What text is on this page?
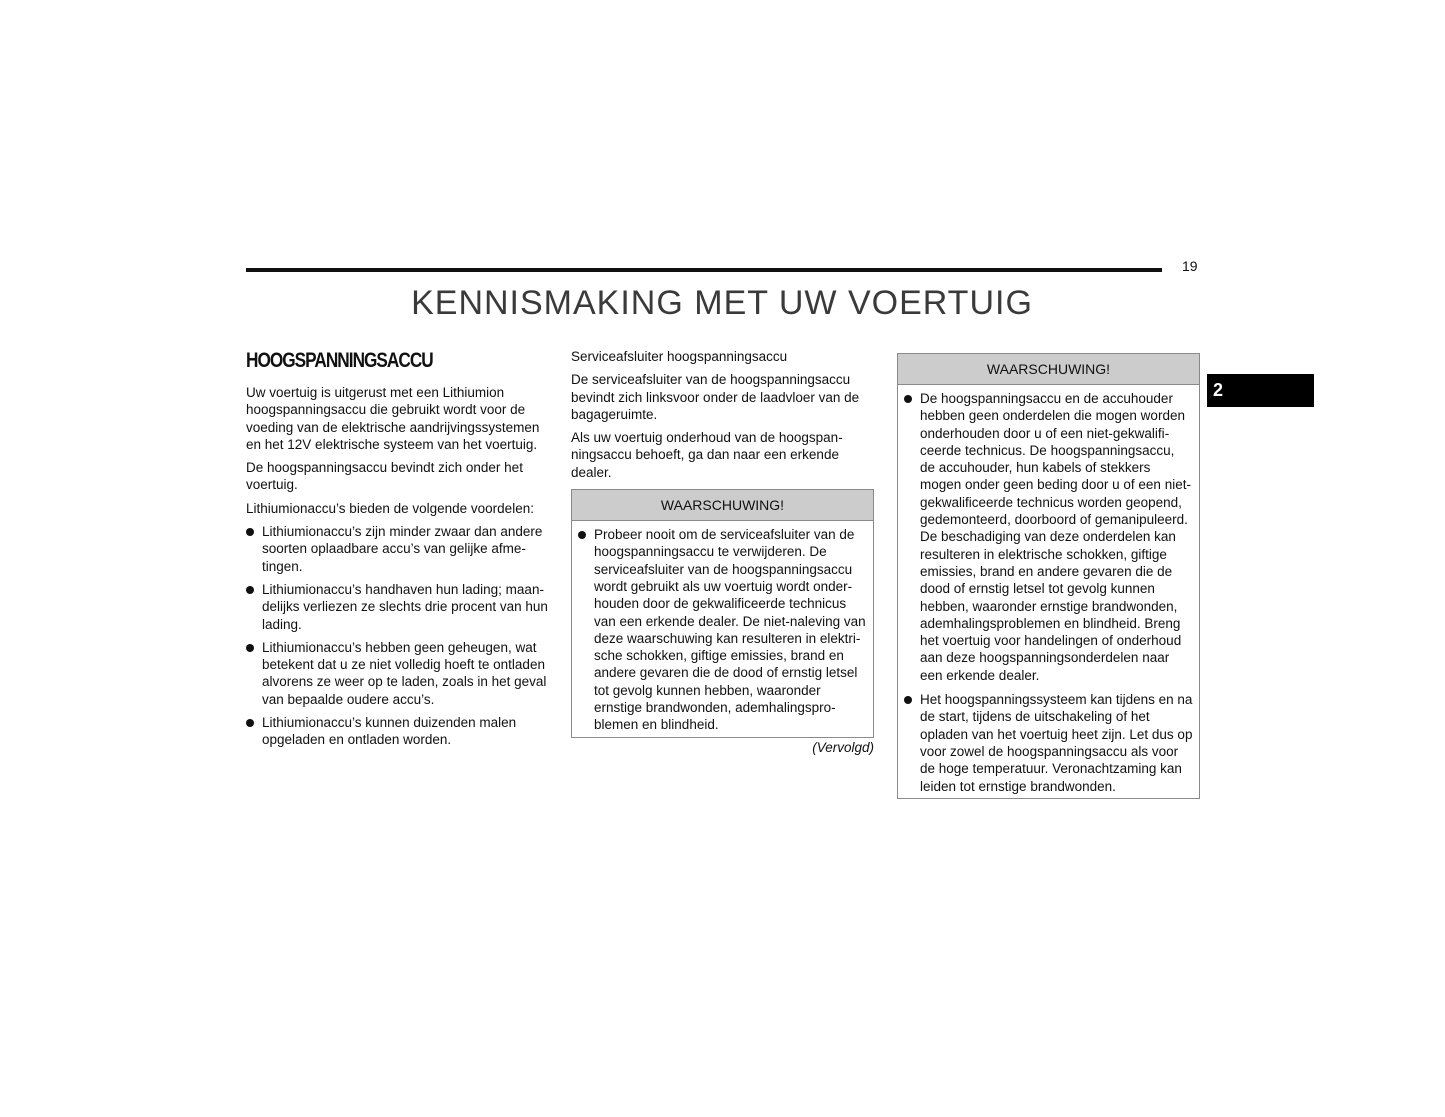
19
KENNISMAKING MET UW VOERTUIG
2
HOOGSPANNINGSACCU

Uw voertuig is uitgerust met een Lithiumion hoogspanningsaccu die gebruikt wordt voor de voeding van de elektrische aandrijvingssystemen en het 12V elektrische systeem van het voertuig.

De hoogspanningsaccu bevindt zich onder het voertuig.

Lithiumionaccu’s bieden de volgende voordelen:

Lithiumionaccu’s zijn minder zwaar dan andere soorten oplaadbare accu’s van gelijke afmetingen.
Lithiumionaccu’s handhaven hun lading; maandelijks verliezen ze slechts drie procent van hun lading.
Lithiumionaccu’s hebben geen geheugen, wat betekent dat u ze niet volledig hoeft te ontladen alvorens ze weer op te laden, zoals in het geval van bepaalde oudere accu’s.
Lithiumionaccu’s kunnen duizenden malen opgeladen en ontladen worden.

Serviceafsluiter hoogspanningsaccu

De serviceafsluiter van de hoogspanningsaccu bevindt zich linksvoor onder de laadvloer van de bagageruimte.

Als uw voertuig onderhoud van de hoogspanningsaccu behoeft, ga dan naar een erkende dealer.

WAARSCHUWING!
Probeer nooit om de serviceafsluiter van de hoogspanningsaccu te verwijderen. De serviceafsluiter van de hoogspanningsaccu wordt gebruikt als uw voertuig wordt onderhouden door de gekwalificeerde technicus van een erkende dealer. De niet-naleving van deze waarschuwing kan resulteren in elektrische schokken, giftige emissies, brand en andere gevaren die de dood of ernstig letsel tot gevolg kunnen hebben, waaronder ernstige brandwonden, ademhalingsproblemen en blindheid.
(Vervolgd)
WAARSCHUWING!
De hoogspanningsaccu en de accuhouder hebben geen onderdelen die mogen worden onderhouden door u of een niet-gekwalificeerde technicus. De hoogspanningsaccu, de accuhouder, hun kabels of stekkers mogen onder geen beding door u of een niet-gekwalificeerde technicus worden geopend, gedemonteerd, doorboord of gemanipuleerd. De beschadiging van deze onderdelen kan resulteren in elektrische schokken, giftige emissies, brand en andere gevaren die de dood of ernstig letsel tot gevolg kunnen hebben, waaronder ernstige brandwonden, ademhalingsproblemen en blindheid. Breng het voertuig voor handelingen of onderhoud aan deze hoogspanningsonderdelen naar een erkende dealer.
Het hoogspanningssysteem kan tijdens en na de start, tijdens de uitschakeling of het opladen van het voertuig heet zijn. Let dus op voor zowel de hoogspanningsaccu als voor de hoge temperatuur. Veronachtzaming kan leiden tot ernstige brandwonden.
